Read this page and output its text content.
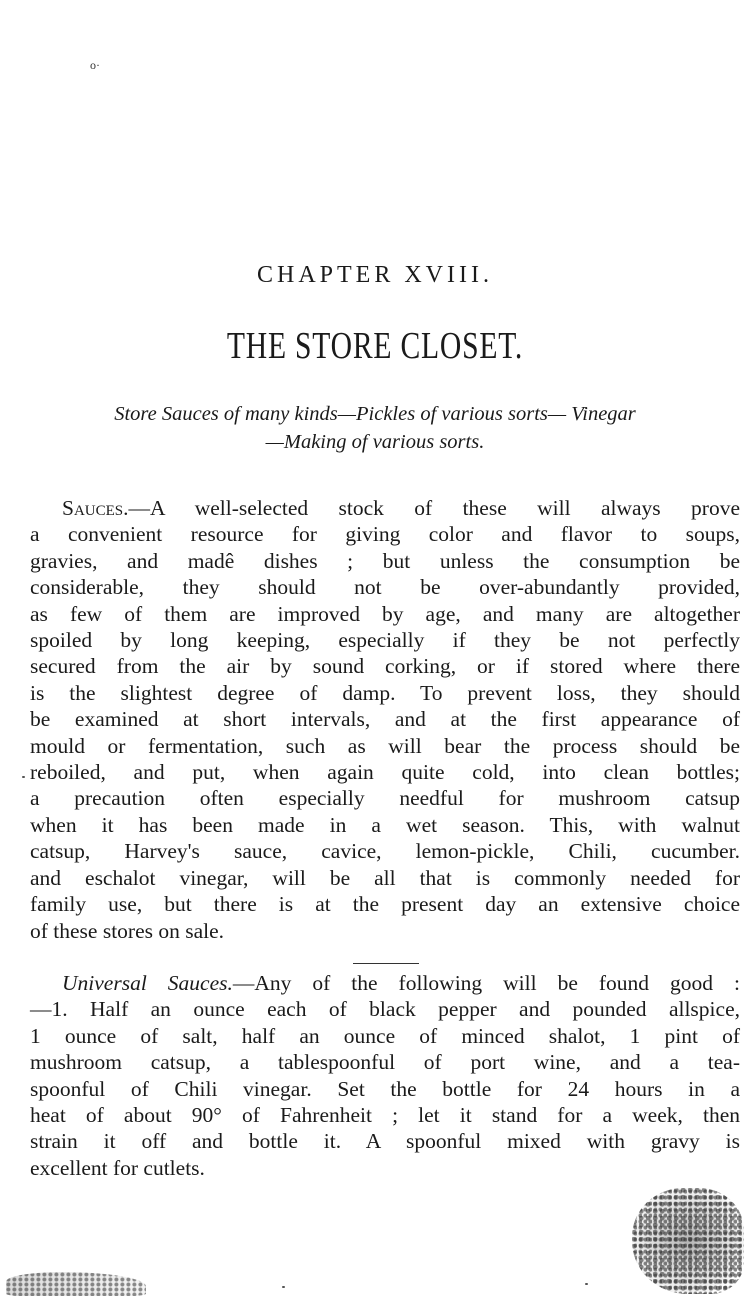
o·
CHAPTER XVIII.
THE STORE CLOSET.
Store Sauces of many kinds—Pickles of various sorts— Vinegar
—Making of various sorts.
Sauces.—A well-selected stock of these will always prove
a convenient resource for giving color and flavor to soups,
gravies, and madê dishes ; but unless the consumption be
considerable, they should not be over-abundantly provided,
as few of them are improved by age, and many are altogether
spoiled by long keeping, especially if they be not perfectly
secured from the air by sound corking, or if stored where there
is the slightest degree of damp. To prevent loss, they should
be examined at short intervals, and at the first appearance of
mould or fermentation, such as will bear the process should be
reboiled, and put, when again quite cold, into clean bottles;
a precaution often especially needful for mushroom catsup
when it has been made in a wet season. This, with walnut
catsup, Harvey's sauce, cavice, lemon-pickle, Chili, cucumber.
and eschalot vinegar, will be all that is commonly needed for
family use, but there is at the present day an extensive choice
of these stores on sale.
Universal Sauces.—Any of the following will be found good :
—1. Half an ounce each of black pepper and pounded allspice,
1 ounce of salt, half an ounce of minced shalot, 1 pint of
mushroom catsup, a tablespoonful of port wine, and a tea-
spoonful of Chili vinegar. Set the bottle for 24 hours in a
heat of about 90° of Fahrenheit ; let it stand for a week, then
strain it off and bottle it. A spoonful mixed with gravy is
excellent for cutlets.
